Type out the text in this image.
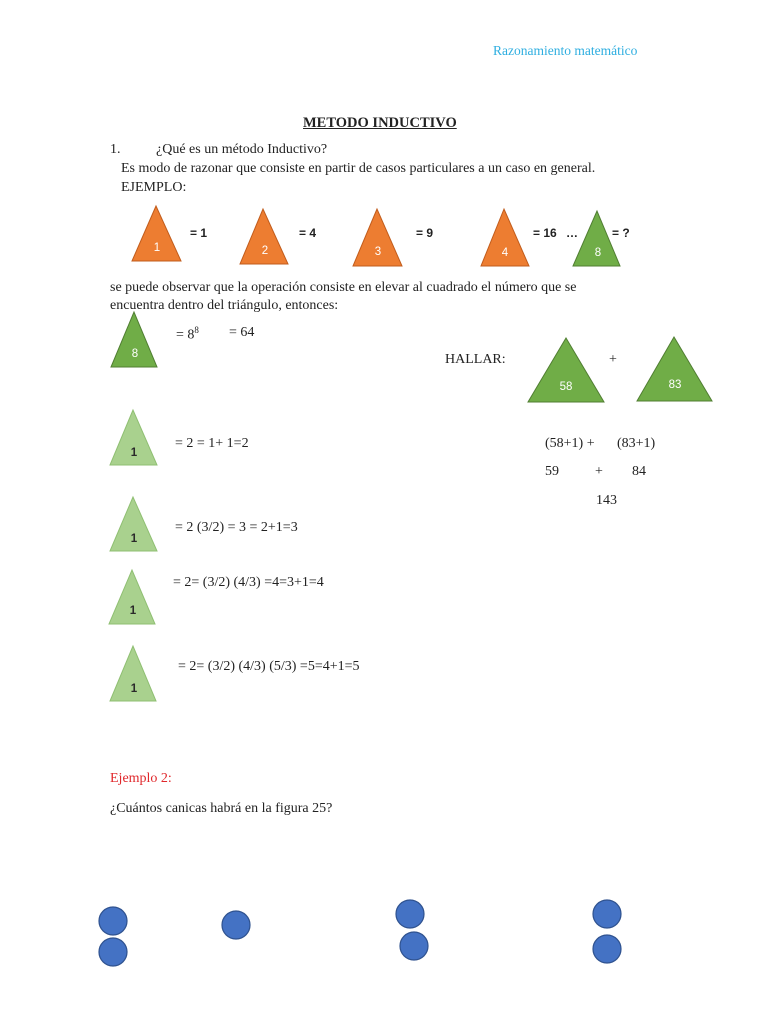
1	2	3	4	8
8
58	83
1
1
1
1
Razonamiento matemático
METODO INDUCTIVO
1.	¿Qué es un método Inductivo?
Es modo de razonar que consiste en partir de casos particulares a un caso en general.
EJEMPLO:
= 1	= 4	= 9	= 16 …	= ?
se puede observar que la operación consiste en elevar al cuadrado el número que se
encuentra dentro del triángulo, entonces:
= $8^8 = 64$
HALLAR:	+
= 2 = 1+ 1=2
= 2 (3/2) = 3 = 2+1=3
= 2= (3/2) (4/3) =4=3+1=4
= 2= (3/2) (4/3) (5/3) =5=4+1=5
(58+1) + (83+1)
59	+ 84
143
Ejemplo 2:
¿Cuántos canicas habrá en la figura 25?
